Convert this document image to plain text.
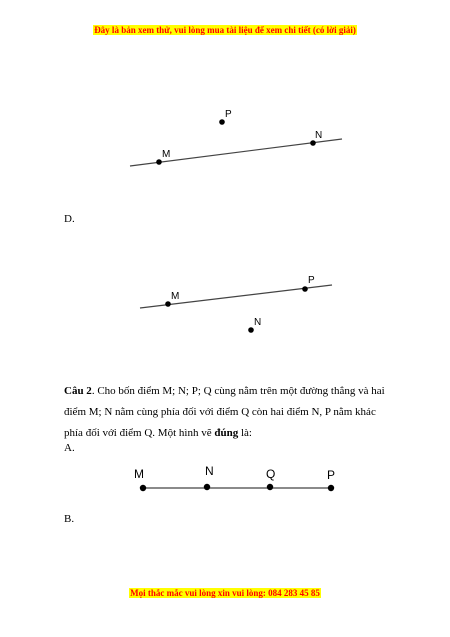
Đây là bản xem thử, vui lòng mua tài liệu để xem chi tiết (có lời giải)
P
N
M
D.
M
P
N
Câu 2. Cho bốn điểm M; N; P; Q cùng nằm trên một đường thẳng và hai điểm M; N nằm cùng phía đối với điểm Q còn hai điểm N, P nằm khác phía đối với điểm Q. Một hình vẽ đúng là:
A.
M	N	Q	P
B.
Mọi thắc mắc vui lòng xin vui lòng: 084 283 45 85
